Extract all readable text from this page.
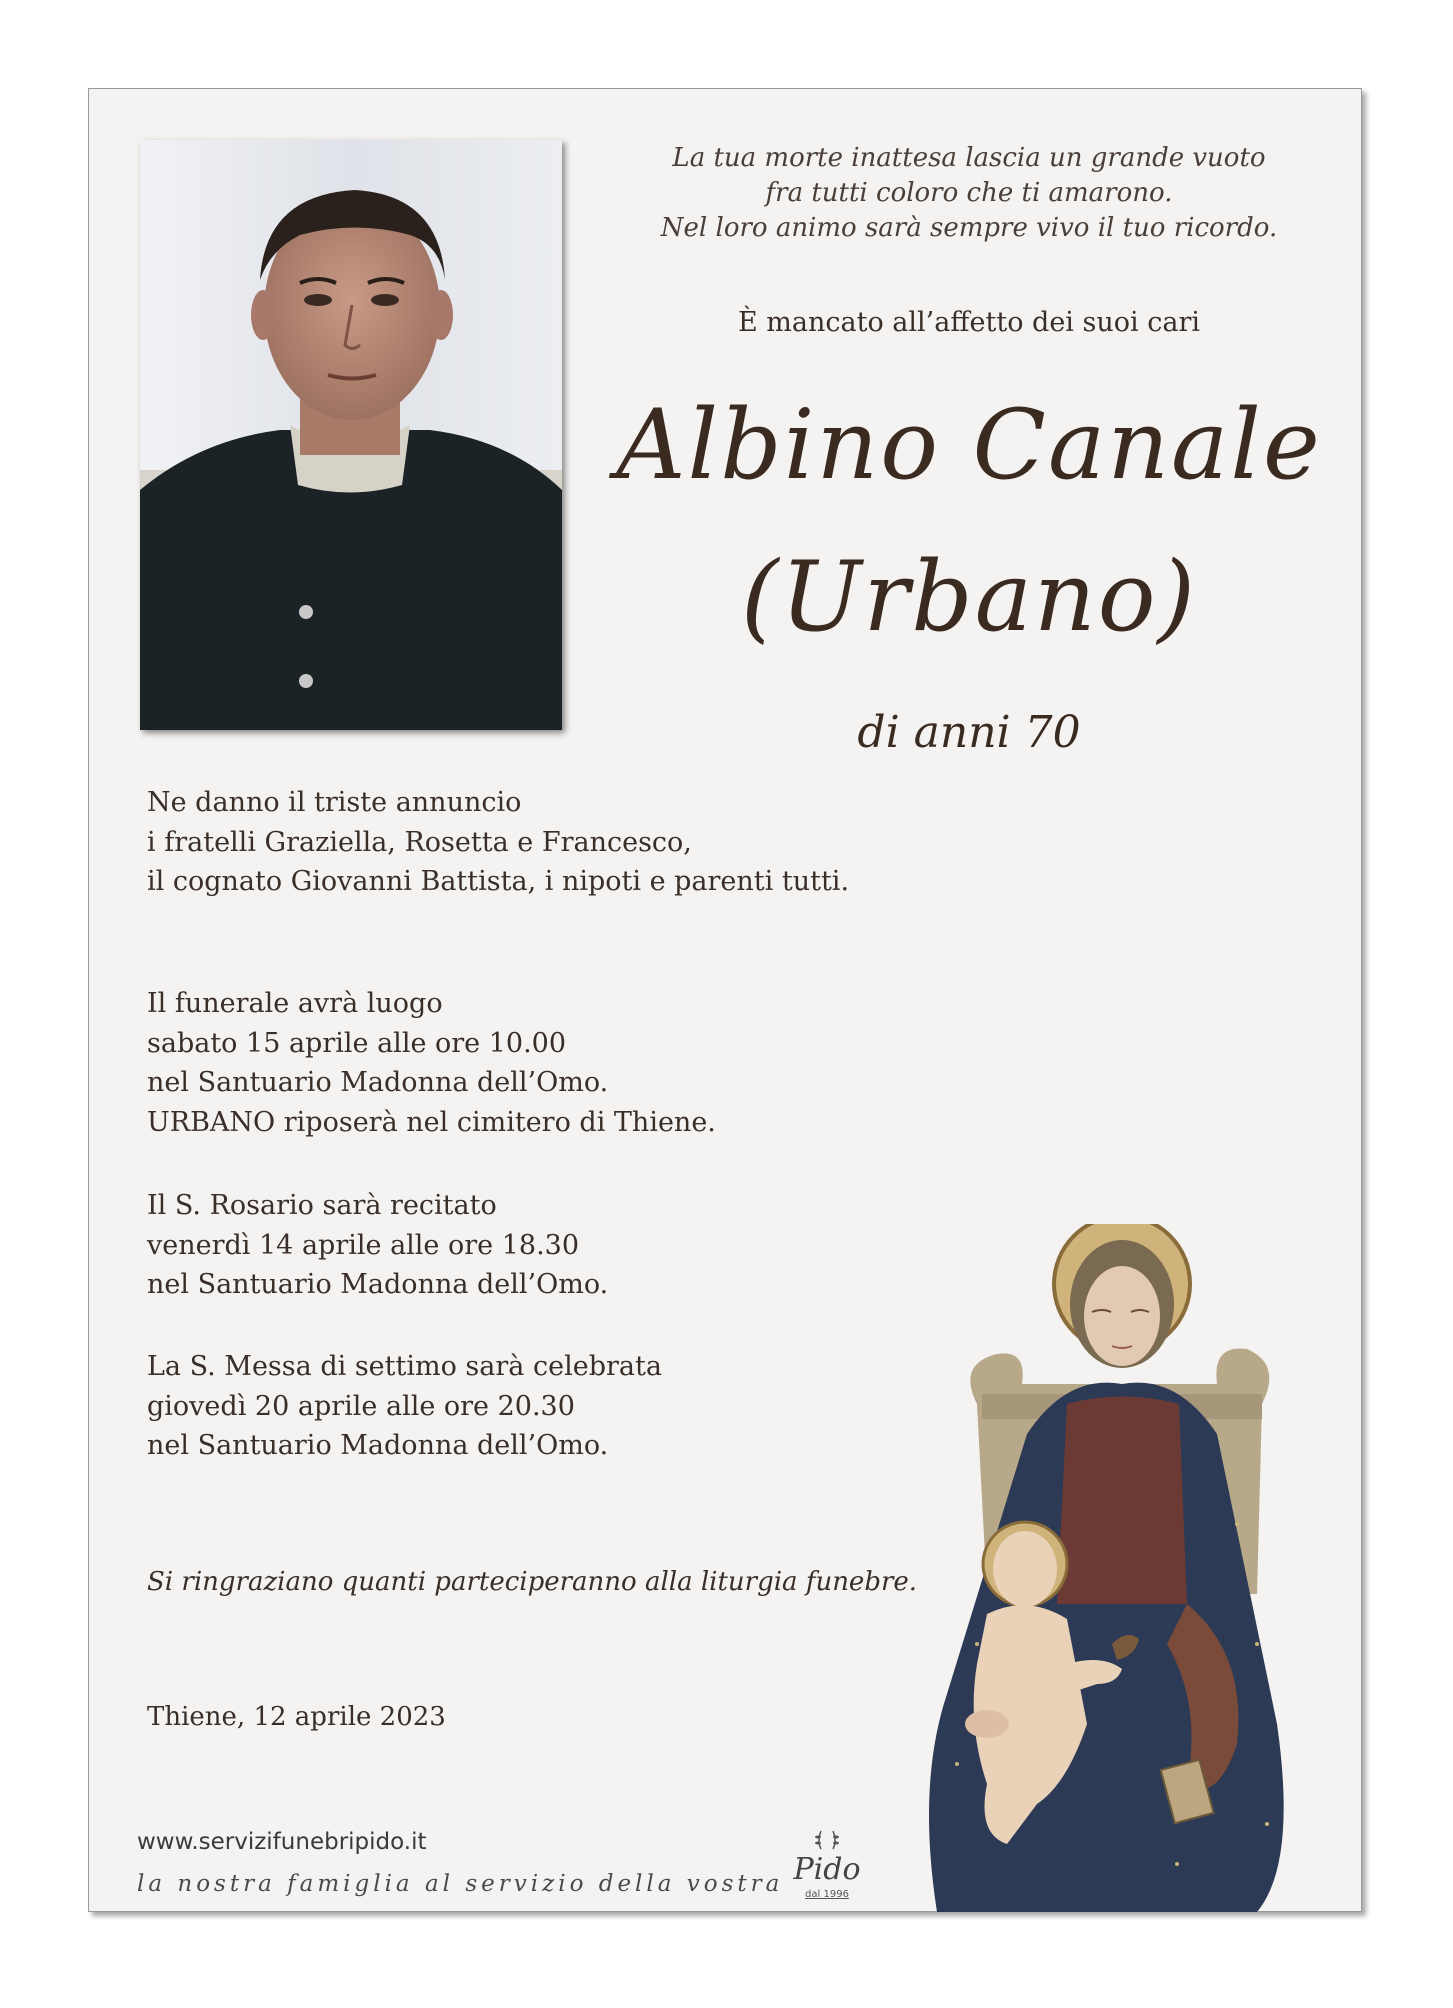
La tua morte inattesa lascia un grande vuoto
fra tutti coloro che ti amarono.
Nel loro animo sarà sempre vivo il tuo ricordo.
È mancato all’affetto dei suoi cari
Albino Canale
(Urbano)
di anni 70
Ne danno il triste annuncio
i fratelli Graziella, Rosetta e Francesco,
il cognato Giovanni Battista, i nipoti e parenti tutti.
Il funerale avrà luogo
sabato 15 aprile alle ore 10.00
nel Santuario Madonna dell’Omo.
URBANO riposerà nel cimitero di Thiene.
Il S. Rosario sarà recitato
venerdì 14 aprile alle ore 18.30
nel Santuario Madonna dell’Omo.
La S. Messa di settimo sarà celebrata
giovedì 20 aprile alle ore 20.30
nel Santuario Madonna dell’Omo.
Si ringraziano quanti parteciperanno alla liturgia funebre.
Thiene, 12 aprile 2023
www.servizifunebripido.it
la nostra famiglia al servizio della vostra Pido
dal 1996
